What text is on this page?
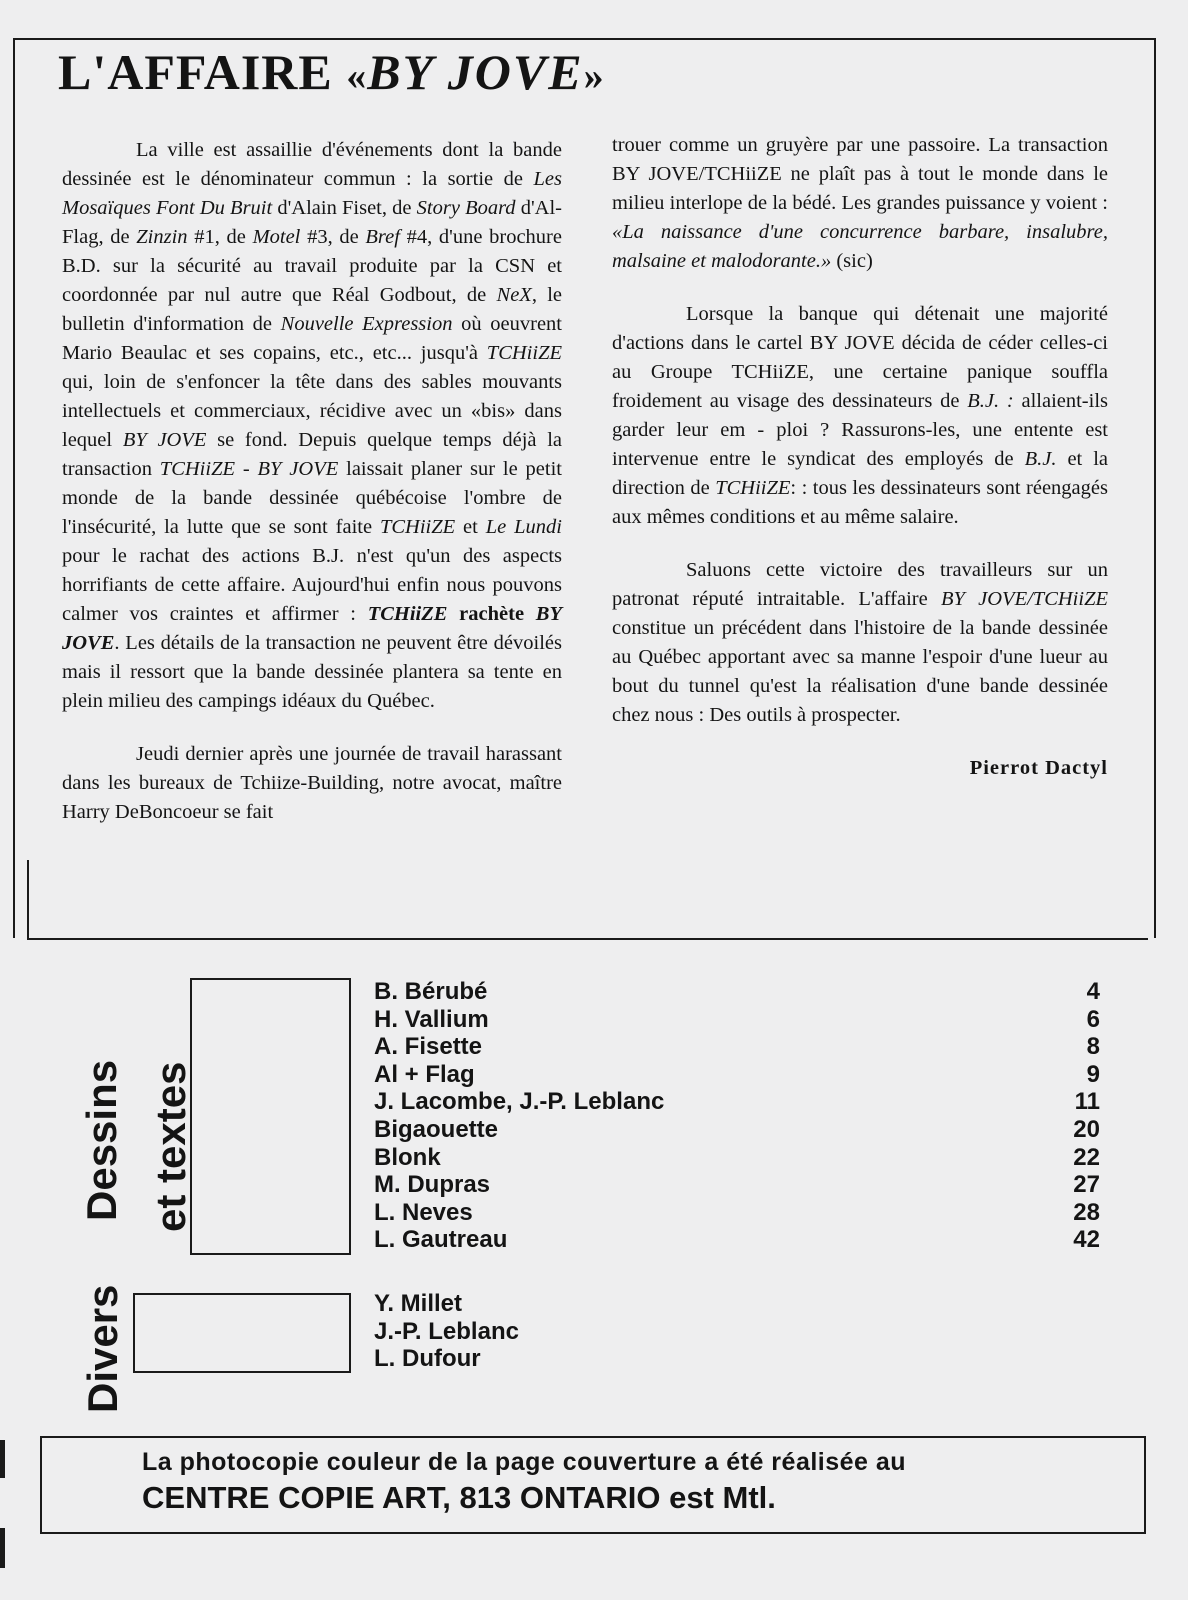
L'AFFAIRE «BY JOVE»

La ville est assaillie d'événements dont la bande dessinée est le dénominateur commun : la sortie de Les Mosaïques Font Du Bruit d'Alain Fiset, de Story Board d'Al-Flag, de Zinzin #1, de Motel #3, de Bref #4, d'une brochure B.D. sur la sécurité au travail produite par la CSN et coordonnée par nul autre que Réal Godbout, de NeX, le bulletin d'information de Nouvelle Expression où oeuvrent Mario Beaulac et ses copains, etc., etc... jusqu'à TCHiiZE qui, loin de s'enfoncer la tête dans des sables mouvants intellectuels et commerciaux, récidive avec un «bis» dans lequel BY JOVE se fond. Depuis quelque temps déjà la transaction TCHiiZE - BY JOVE laissait planer sur le petit monde de la bande dessinée québécoise l'ombre de l'insécurité, la lutte que se sont faite TCHiiZE et Le Lundi pour le rachat des actions B.J. n'est qu'un des aspects horrifiants de cette affaire. Aujourd'hui enfin nous pouvons calmer vos craintes et affirmer : TCHiiZE rachète BY JOVE. Les détails de la transaction ne peuvent être dévoilés mais il ressort que la bande dessinée plantera sa tente en plein milieu des campings idéaux du Québec.

Jeudi dernier après une journée de travail harassant dans les bureaux de Tchiize-Building, notre avocat, maître Harry DeBoncoeur se fait

trouer comme un gruyère par une passoire. La transaction BY JOVE/TCHiiZE ne plaît pas à tout le monde dans le milieu interlope de la bédé. Les grandes puissance y voient : «La naissance d'une concurrence barbare, insalubre, malsaine et malodorante.» (sic)

Lorsque la banque qui détenait une majorité d'actions dans le cartel BY JOVE décida de céder celles-ci au Groupe TCHiiZE, une certaine panique souffla froidement au visage des dessinateurs de B.J. : allaient-ils garder leur em - ploi ? Rassurons-les, une entente est intervenue entre le syndicat des employés de B.J. et la direction de TCHiiZE: : tous les dessinateurs sont réengagés aux mêmes conditions et au même salaire.

Saluons cette victoire des travailleurs sur un patronat réputé intraitable. L'affaire BY JOVE/TCHiiZE constitue un précédent dans l'histoire de la bande dessinée au Québec apportant avec sa manne l'espoir d'une lueur au bout du tunnel qu'est la réalisation d'une bande dessinée chez nous : Des outils à prospecter.

Pierrot Dactyl

Dessins et textes
B. Bérubé	4
H. Vallium	6
A. Fisette	8
Al + Flag	9
J. Lacombe, J.-P. Leblanc	11
Bigaouette	20
Blonk	22
M. Dupras	27
L. Neves	28
L. Gautreau	42
Divers	Y. Millet
J.-P. Leblanc
L. Dufour
La photocopie couleur de la page couverture a été réalisée au
CENTRE COPIE ART, 813 ONTARIO est Mtl.
